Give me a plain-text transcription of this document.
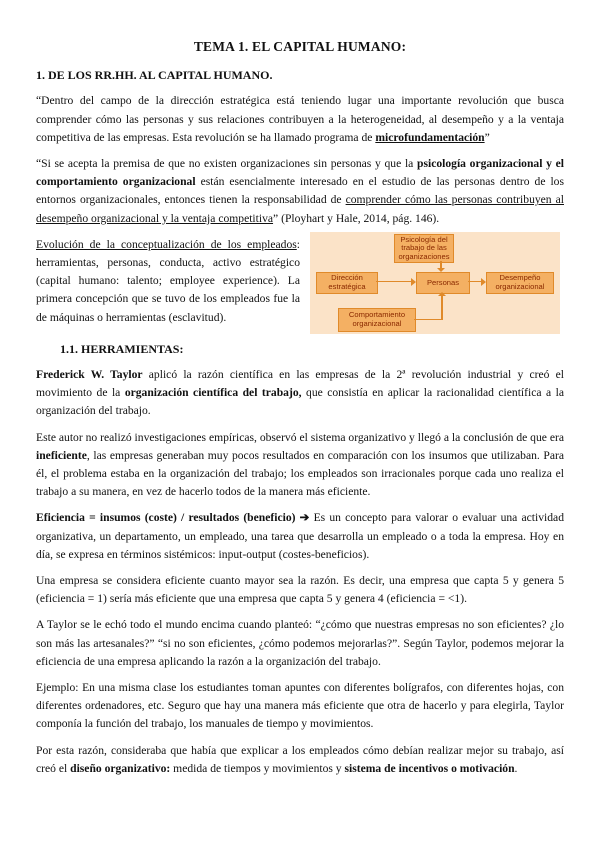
TEMA 1. EL CAPITAL HUMANO:
1. DE LOS RR.HH. AL CAPITAL HUMANO.

“Dentro del campo de la dirección estratégica está teniendo lugar una importante revolución que busca comprender cómo las personas y sus relaciones contribuyen a la heterogeneidad, al desempeño y a la ventaja competitiva de las empresas. Esta revolución se ha llamado programa de microfundamentación”

“Si se acepta la premisa de que no existen organizaciones sin personas y que la psicología organizacional y el comportamiento organizacional están esencialmente interesado en el estudio de las personas dentro de los entornos organizacionales, entonces tienen la responsabilidad de comprender cómo las personas contribuyen al desempeño organizacional y la ventaja competitiva” (Ployhart y Hale, 2014, pág. 146).

Evolución de la conceptualización de los empleados: herramientas, personas, conducta, activo estratégico (capital humano: talento; employee experience). La primera concepción que se tuvo de los empleados fue la de máquinas o herramientas (esclavitud).
Psicología del trabajo de las organizaciones
Dirección estratégica	Personas	Desempeño organizacional
Comportamiento organizacional
1.1. HERRAMIENTAS:

Frederick W. Taylor aplicó la razón científica en las empresas de la 2ª revolución industrial y creó el movimiento de la organización científica del trabajo, que consistía en aplicar la racionalidad científica a la organización del trabajo.

Este autor no realizó investigaciones empíricas, observó el sistema organizativo y llegó a la conclusión de que era ineficiente, las empresas generaban muy pocos resultados en comparación con los insumos que utilizaban. Para él, el problema estaba en la organización del trabajo; los empleados son irracionales porque cada uno realiza el trabajo a su manera, en vez de hacerlo todos de la manera más eficiente.

Eficiencia = insumos (coste) / resultados (beneficio) ➔ Es un concepto para valorar o evaluar una actividad organizativa, un departamento, un empleado, una tarea que desarrolla un empleado o a toda la empresa. Hoy en día, se expresa en términos sistémicos: input-output (costes-beneficios).

Una empresa se considera eficiente cuanto mayor sea la razón. Es decir, una empresa que capta 5 y genera 5 (eficiencia = 1) sería más eficiente que una empresa que capta 5 y genera 4 (eficiencia = <1).

A Taylor se le echó todo el mundo encima cuando planteó: “¿cómo que nuestras empresas no son eficientes? ¿lo son más las artesanales?” “si no son eficientes, ¿cómo podemos mejorarlas?”. Según Taylor, podemos mejorar la eficiencia de una empresa aplicando la razón a la organización del trabajo.

Ejemplo: En una misma clase los estudiantes toman apuntes con diferentes bolígrafos, con diferentes hojas, con diferentes ordenadores, etc. Seguro que hay una manera más eficiente que otra de hacerlo y para elegirla, Taylor componía la función del trabajo, los manuales de tiempo y movimientos.

Por esta razón, consideraba que había que explicar a los empleados cómo debían realizar mejor su trabajo, así creó el diseño organizativo: medida de tiempos y movimientos y sistema de incentivos o motivación.
